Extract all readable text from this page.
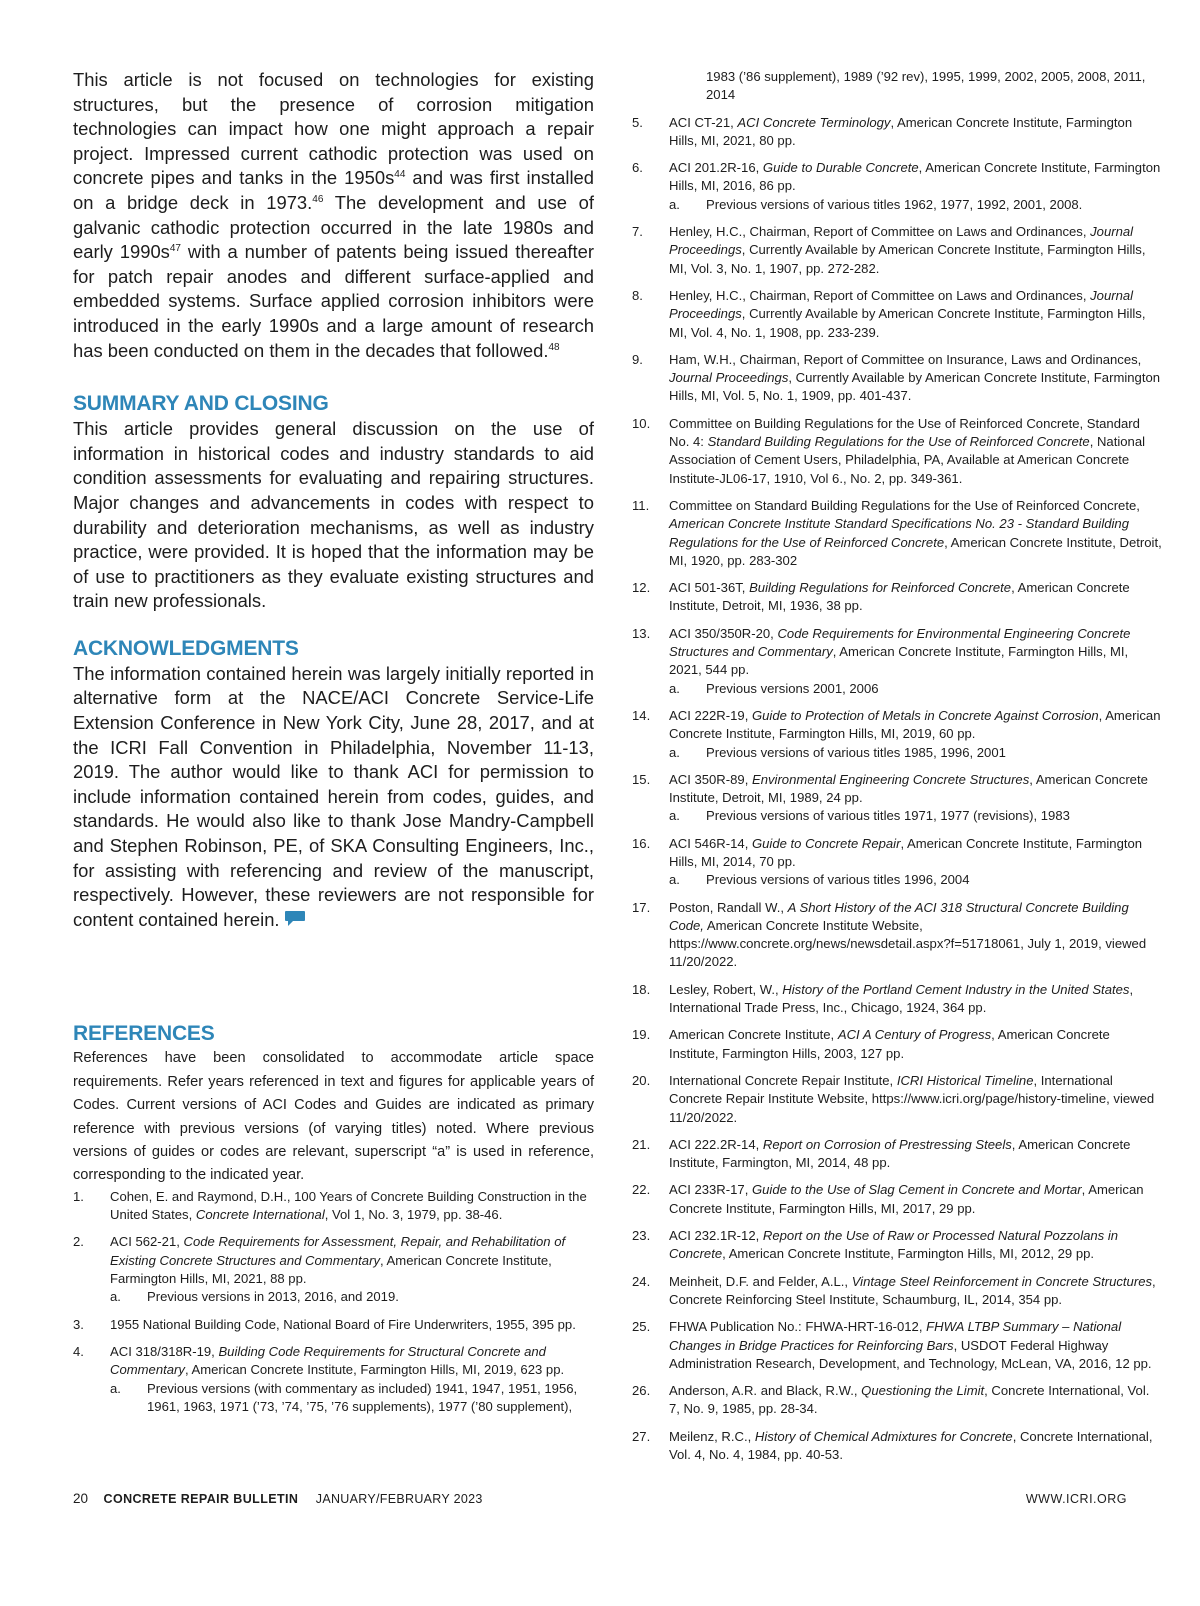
This article is not focused on technologies for existing structures, but the presence of corrosion mitigation technologies can impact how one might approach a repair project. Impressed current cathodic protection was used on concrete pipes and tanks in the $1950s^{44}$ and was first installed on a bridge deck in 1973.46 The development and use of galvanic cathodic protection occurred in the late 1980s and early $1990s^{47}$ with a number of patents being issued thereafter for patch repair anodes and different surface-applied and embedded systems. Surface applied corrosion inhibitors were introduced in the early 1990s and a large amount of research has been conducted on them in the decades that followed.$^{48}$

SUMMARY AND CLOSING

This article provides general discussion on the use of information in historical codes and industry standards to aid condition assessments for evaluating and repairing structures. Major changes and advancements in codes with respect to durability and deterioration mechanisms, as well as industry practice, were provided. It is hoped that the information may be of use to practitioners as they evaluate existing structures and train new professionals.

ACKNOWLEDGMENTS

The information contained herein was largely initially reported in alternative form at the NACE/ACI Concrete Service-Life Extension Conference in New York City, June 28, 2017, and at the ICRI Fall Convention in Philadelphia, November 11-13, 2019. The author would like to thank ACI for permission to include information contained herein from codes, guides, and standards. He would also like to thank Jose Mandry-Campbell and Stephen Robinson, PE, of SKA Consulting Engineers, Inc., for assisting with referencing and review of the manuscript, respectively. However, these reviewers are not responsible for content contained herein.

REFERENCES

References have been consolidated to accommodate article space requirements. Refer years referenced in text and figures for applicable years of Codes. Current versions of ACI Codes and Guides are indicated as primary reference with previous versions (of varying titles) noted. Where previous versions of guides or codes are relevant, superscript “a” is used in reference, corresponding to the indicated year.

1. Cohen, E. and Raymond, D.H., 100 Years of Concrete Building Construction in the United States, Concrete International, Vol 1, No. 3, 1979, pp. 38-46.
2. ACI 562-21, Code Requirements for Assessment, Repair, and Rehabilitation of Existing Concrete Structures and Commentary, American Concrete Institute, Farmington Hills, MI, 2021, 88 pp.
a. Previous versions in 2013, 2016, and 2019.
3. 1955 National Building Code, National Board of Fire Underwriters, 1955, 395 pp.
4. ACI 318/318R-19, Building Code Requirements for Structural Concrete and Commentary, American Concrete Institute, Farmington Hills, MI, 2019, 623 pp.
a. Previous versions (with commentary as included) 1941, 1947, 1951, 1956, 1961, 1963, 1971 (’73, ’74, ’75, ’76 supplements), 1977 (’80 supplement),
1983 (’86 supplement), 1989 (’92 rev), 1995, 1999, 2002, 2005, 2008, 2011, 2014
5. ACI CT-21, ACI Concrete Terminology, American Concrete Institute, Farmington Hills, MI, 2021, 80 pp.
6. ACI 201.2R-16, Guide to Durable Concrete, American Concrete Institute, Farmington Hills, MI, 2016, 86 pp.
a. Previous versions of various titles 1962, 1977, 1992, 2001, 2008.
7. Henley, H.C., Chairman, Report of Committee on Laws and Ordinances, Journal Proceedings, Currently Available by American Concrete Institute, Farmington Hills, MI, Vol. 3, No. 1, 1907, pp. 272-282.
8. Henley, H.C., Chairman, Report of Committee on Laws and Ordinances, Journal Proceedings, Currently Available by American Concrete Institute, Farmington Hills, MI, Vol. 4, No. 1, 1908, pp. 233-239.
9. Ham, W.H., Chairman, Report of Committee on Insurance, Laws and Ordinances, Journal Proceedings, Currently Available by American Concrete Institute, Farmington Hills, MI, Vol. 5, No. 1, 1909, pp. 401-437.
10. Committee on Building Regulations for the Use of Reinforced Concrete, Standard No. 4: Standard Building Regulations for the Use of Reinforced Concrete, National Association of Cement Users, Philadelphia, PA, Available at American Concrete Institute-JL06-17, 1910, Vol 6., No. 2, pp. 349-361.
11. Committee on Standard Building Regulations for the Use of Reinforced Concrete, American Concrete Institute Standard Specifications No. 23 - Standard Building Regulations for the Use of Reinforced Concrete, American Concrete Institute, Detroit, MI, 1920, pp. 283-302
12. ACI 501-36T, Building Regulations for Reinforced Concrete, American Concrete Institute, Detroit, MI, 1936, 38 pp.
13. ACI 350/350R-20, Code Requirements for Environmental Engineering Concrete Structures and Commentary, American Concrete Institute, Farmington Hills, MI, 2021, 544 pp.
a. Previous versions 2001, 2006
14. ACI 222R-19, Guide to Protection of Metals in Concrete Against Corrosion, American Concrete Institute, Farmington Hills, MI, 2019, 60 pp.
a. Previous versions of various titles 1985, 1996, 2001
15. ACI 350R-89, Environmental Engineering Concrete Structures, American Concrete Institute, Detroit, MI, 1989, 24 pp.
a. Previous versions of various titles 1971, 1977 (revisions), 1983
16. ACI 546R-14, Guide to Concrete Repair, American Concrete Institute, Farmington Hills, MI, 2014, 70 pp.
a. Previous versions of various titles 1996, 2004
17. Poston, Randall W., A Short History of the ACI 318 Structural Concrete Building Code, American Concrete Institute Website, https://www.concrete.org/news/newsdetail.aspx?f=51718061, July 1, 2019, viewed 11/20/2022.
18. Lesley, Robert, W., History of the Portland Cement Industry in the United States, International Trade Press, Inc., Chicago, 1924, 364 pp.
19. American Concrete Institute, ACI A Century of Progress, American Concrete Institute, Farmington Hills, 2003, 127 pp.
20. International Concrete Repair Institute, ICRI Historical Timeline, International Concrete Repair Institute Website, https://www.icri.org/page/history-timeline, viewed 11/20/2022.
21. ACI 222.2R-14, Report on Corrosion of Prestressing Steels, American Concrete Institute, Farmington, MI, 2014, 48 pp.
22. ACI 233R-17, Guide to the Use of Slag Cement in Concrete and Mortar, American Concrete Institute, Farmington Hills, MI, 2017, 29 pp.
23. ACI 232.1R-12, Report on the Use of Raw or Processed Natural Pozzolans in Concrete, American Concrete Institute, Farmington Hills, MI, 2012, 29 pp.
24. Meinheit, D.F. and Felder, A.L., Vintage Steel Reinforcement in Concrete Structures, Concrete Reinforcing Steel Institute, Schaumburg, IL, 2014, 354 pp.
25. FHWA Publication No.: FHWA-HRT-16-012, FHWA LTBP Summary – National Changes in Bridge Practices for Reinforcing Bars, USDOT Federal Highway Administration Research, Development, and Technology, McLean, VA, 2016, 12 pp.
26. Anderson, A.R. and Black, R.W., Questioning the Limit, Concrete International, Vol. 7, No. 9, 1985, pp. 28-34.
27. Meilenz, R.C., History of Chemical Admixtures for Concrete, Concrete International, Vol. 4, No. 4, 1984, pp. 40-53.
20 CONCRETE REPAIR BULLETIN JANUARY/FEBRUARY 2023	WWW.ICRI.ORG
